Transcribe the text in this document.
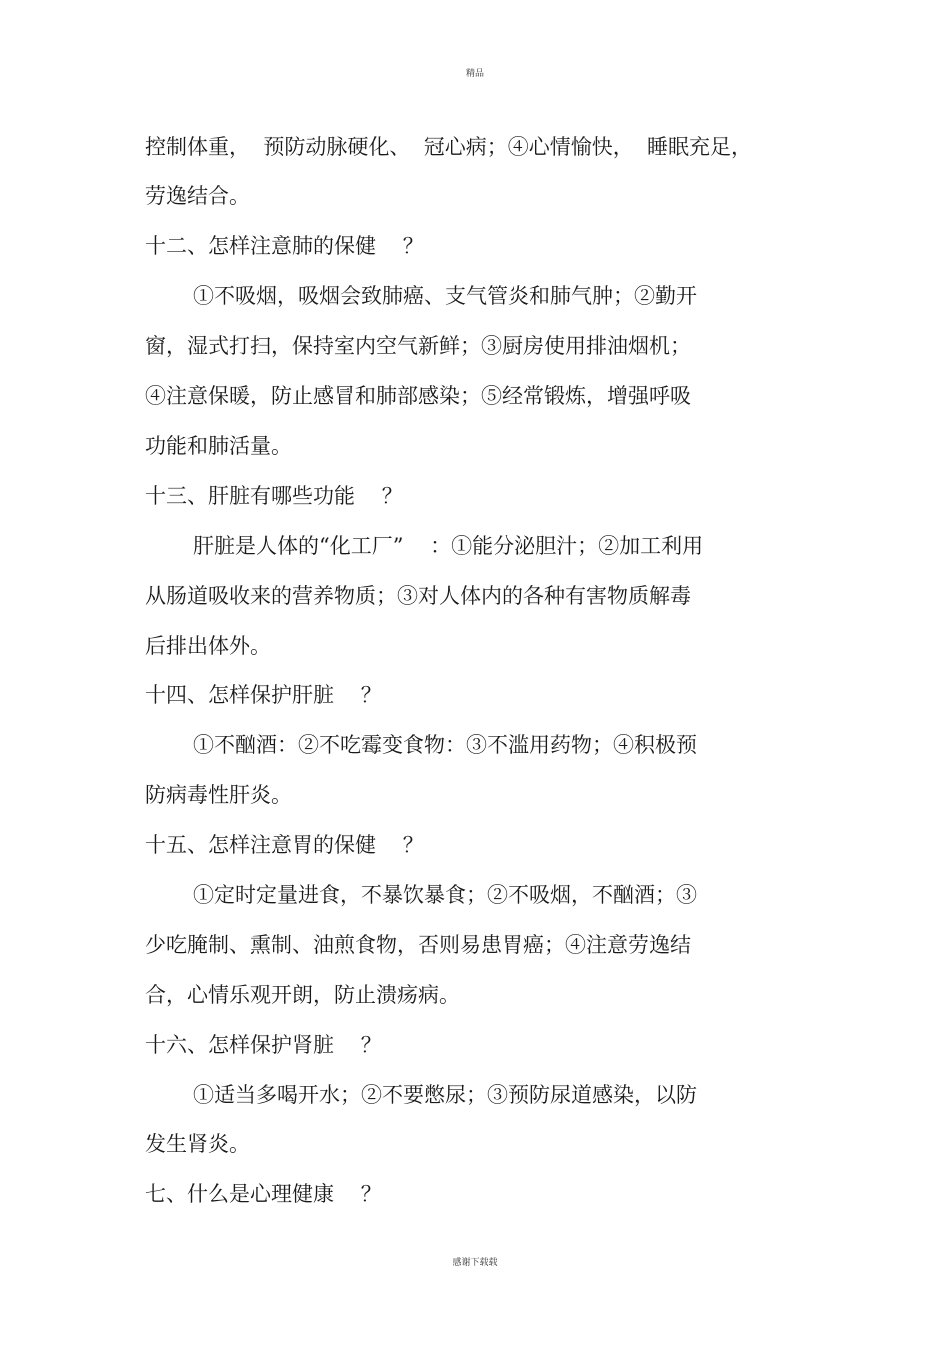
精品
控制体重，  预防动脉硬化、  冠心病；④心情愉快，  睡眠充足，
劳逸结合。
十二、怎样注意肺的保健    ？
①不吸烟，吸烟会致肺癌、支气管炎和肺气肿；②勤开
窗，湿式打扫，保持室内空气新鲜；③厨房使用排油烟机；
④注意保暖，防止感冒和肺部感染；⑤经常锻炼，增强呼吸
功能和肺活量。
十三、肝脏有哪些功能    ？
肝脏是人体的“化工厂”    ：①能分泌胆汁；②加工利用
从肠道吸收来的营养物质；③对人体内的各种有害物质解毒
后排出体外。
十四、怎样保护肝脏    ？
①不酗酒：②不吃霉变食物：③不滥用药物；④积极预
防病毒性肝炎。
十五、怎样注意胃的保健    ？
①定时定量进食，不暴饮暴食；②不吸烟，不酗酒；③
少吃腌制、熏制、油煎食物，否则易患胃癌；④注意劳逸结
合，心情乐观开朗，防止溃疡病。
十六、怎样保护肾脏    ？
①适当多喝开水；②不要憋尿；③预防尿道感染，以防
发生肾炎。
七、什么是心理健康    ？
感谢下载载
